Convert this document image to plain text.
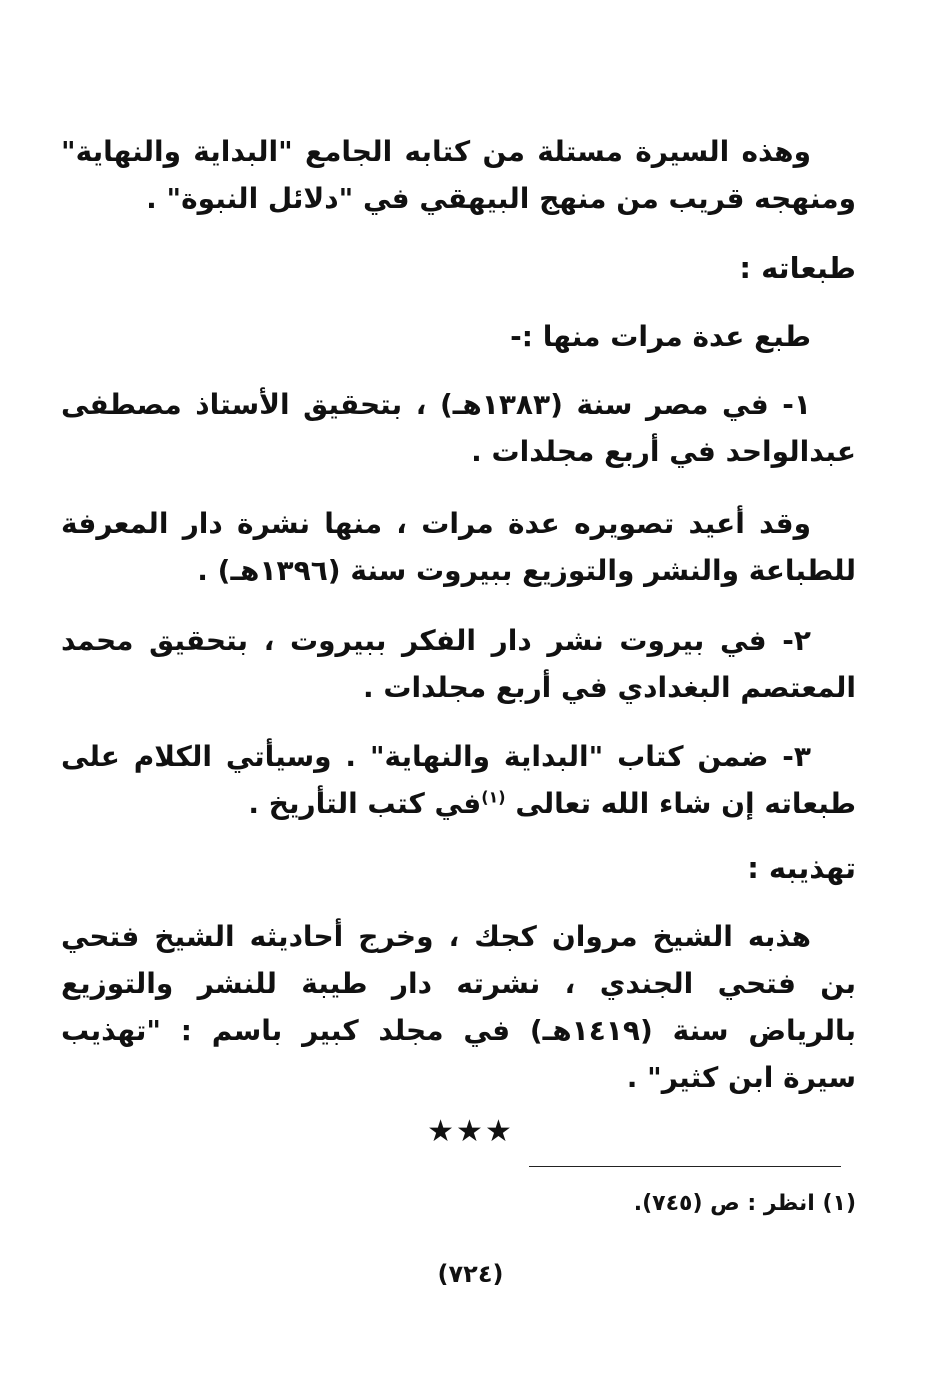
وهذه السيرة مستلة من كتابه الجامع "البداية والنهاية" ومنهجه قريب من منهج البيهقي في "دلائل النبوة" .

طبعاته :

طبع عدة مرات منها :-

١- في مصر سنة (١٣٨٣هـ) ، بتحقيق الأستاذ مصطفى عبدالواحد في أربع مجلدات .

وقد أعيد تصويره عدة مرات ، منها نشرة دار المعرفة للطباعة والنشر والتوزيع ببيروت سنة (١٣٩٦هـ) .

٢- في بيروت نشر دار الفكر ببيروت ، بتحقيق محمد المعتصم البغدادي في أربع مجلدات .

٣- ضمن كتاب "البداية والنهاية" . وسيأتي الكلام على طبعاته إن شاء الله تعالى $^{(١)}$في كتب التأريخ .

تهذيبه :

هذبه الشيخ مروان كجك ، وخرج أحاديثه الشيخ فتحي بن فتحي الجندي ، نشرته دار طيبة للنشر والتوزيع بالرياض سنة (١٤١٩هـ) في مجلد كبير باسم : "تهذيب سيرة ابن كثير" .

★★★

(١) انظر : ص (٧٤٥).

(٧٢٤)
